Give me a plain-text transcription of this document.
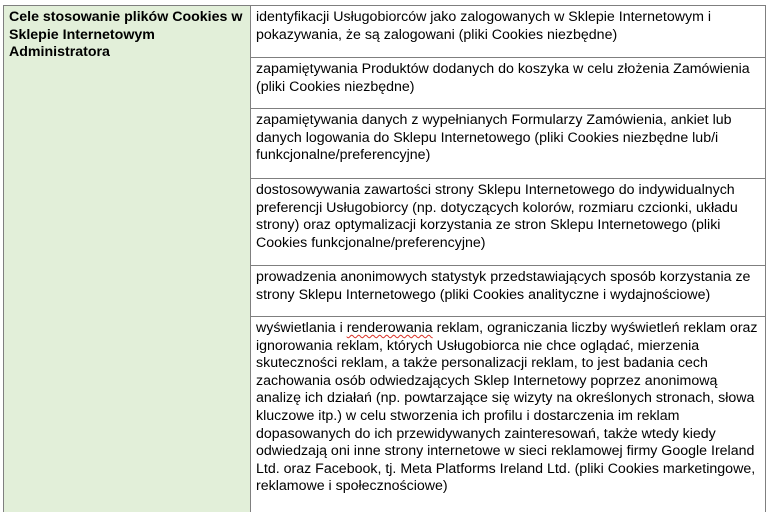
Cele stosowanie plików Cookies w Sklepie Internetowym Administratora	identyfikacji Usługobiorców jako zalogowanych w Sklepie Internetowym i pokazywania, że są zalogowani (pliki Cookies niezbędne)
zapamiętywania Produktów dodanych do koszyka w celu złożenia Zamówienia (pliki Cookies niezbędne)
zapamiętywania danych z wypełnianych Formularzy Zamówienia, ankiet lub danych logowania do Sklepu Internetowego (pliki Cookies niezbędne lub/i funkcjonalne/preferencyjne)
dostosowywania zawartości strony Sklepu Internetowego do indywidualnych preferencji Usługobiorcy (np. dotyczących kolorów, rozmiaru czcionki, układu strony) oraz optymalizacji korzystania ze stron Sklepu Internetowego (pliki Cookies funkcjonalne/preferencyjne)
prowadzenia anonimowych statystyk przedstawiających sposób korzystania ze strony Sklepu Internetowego (pliki Cookies analityczne i wydajnościowe)
wyświetlania i renderowania reklam, ograniczania liczby wyświetleń reklam oraz ignorowania reklam, których Usługobiorca nie chce oglądać, mierzenia skuteczności reklam, a także personalizacji reklam, to jest badania cech zachowania osób odwiedzających Sklep Internetowy poprzez anonimową analizę ich działań (np. powtarzające się wizyty na określonych stronach, słowa kluczowe itp.) w celu stworzenia ich profilu i dostarczenia im reklam dopasowanych do ich przewidywanych zainteresowań, także wtedy kiedy odwiedzają oni inne strony internetowe w sieci reklamowej firmy Google Ireland Ltd. oraz Facebook, tj. Meta Platforms Ireland Ltd. (pliki Cookies marketingowe, reklamowe i społecznościowe)
